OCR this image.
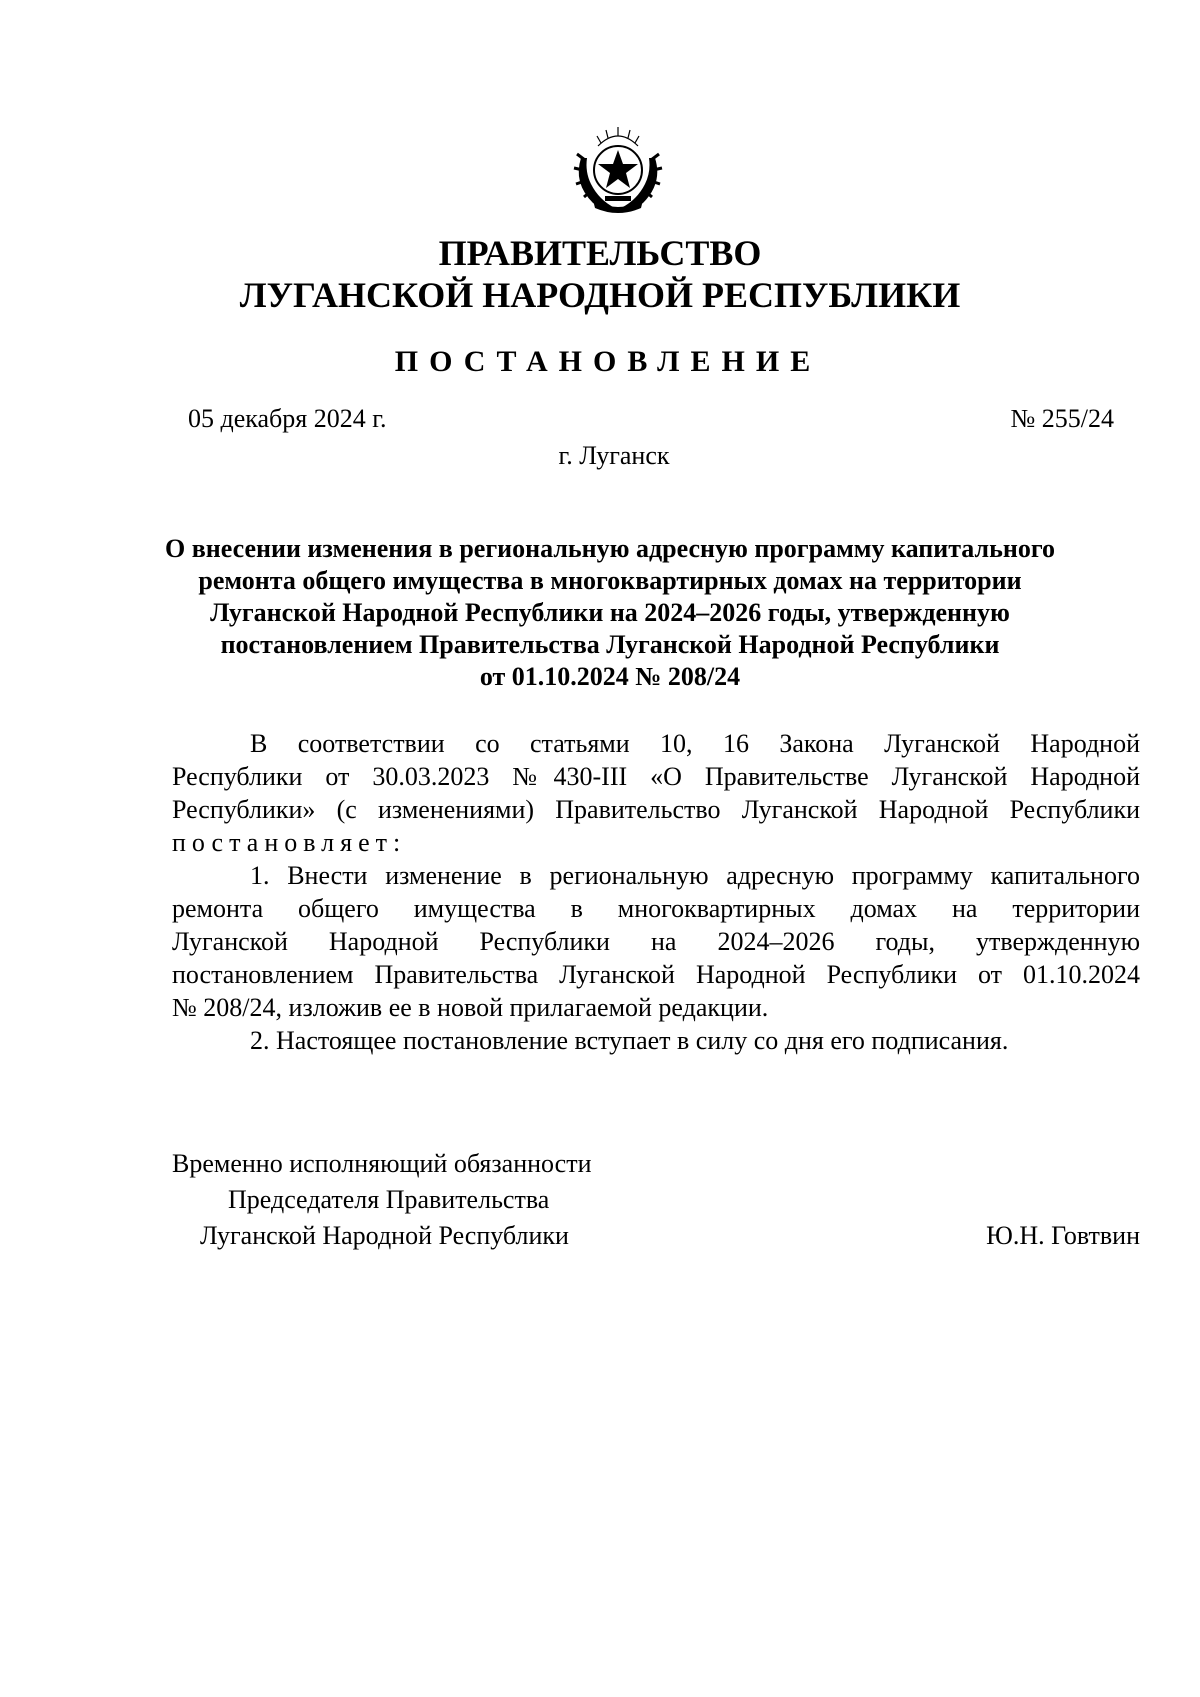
ПРАВИТЕЛЬСТВО
ЛУГАНСКОЙ НАРОДНОЙ РЕСПУБЛИКИ
ПОСТАНОВЛЕНИЕ
05 декабря 2024 г.	№ 255/24
г. Луганск
О внесении изменения в региональную адресную программу капитального
ремонта общего имущества в многоквартирных домах на территории
Луганской Народной Республики на 2024–2026 годы, утвержденную
постановлением Правительства Луганской Народной Республики
от 01.10.2024 № 208/24
В соответствии со статьями 10, 16 Закона Луганской Народной
Республики от 30.03.2023 №430-III «О Правительстве Луганской Народной
Республики» (с изменениями) Правительство Луганской Народной Республики
постановляет:
1. Внести изменение в региональную адресную программу капитального
ремонта общего имущества в многоквартирных домах на территории
Луганской Народной Республики на 2024–2026 годы, утвержденную
постановлением Правительства Луганской Народной Республики от 01.10.2024
№ 208/24, изложив ее в новой прилагаемой редакции.
2. Настоящее постановление вступает в силу со дня его подписания.
Временно исполняющий обязанности
Председателя Правительства
Луганской Народной Республики	Ю.Н. Говтвин
